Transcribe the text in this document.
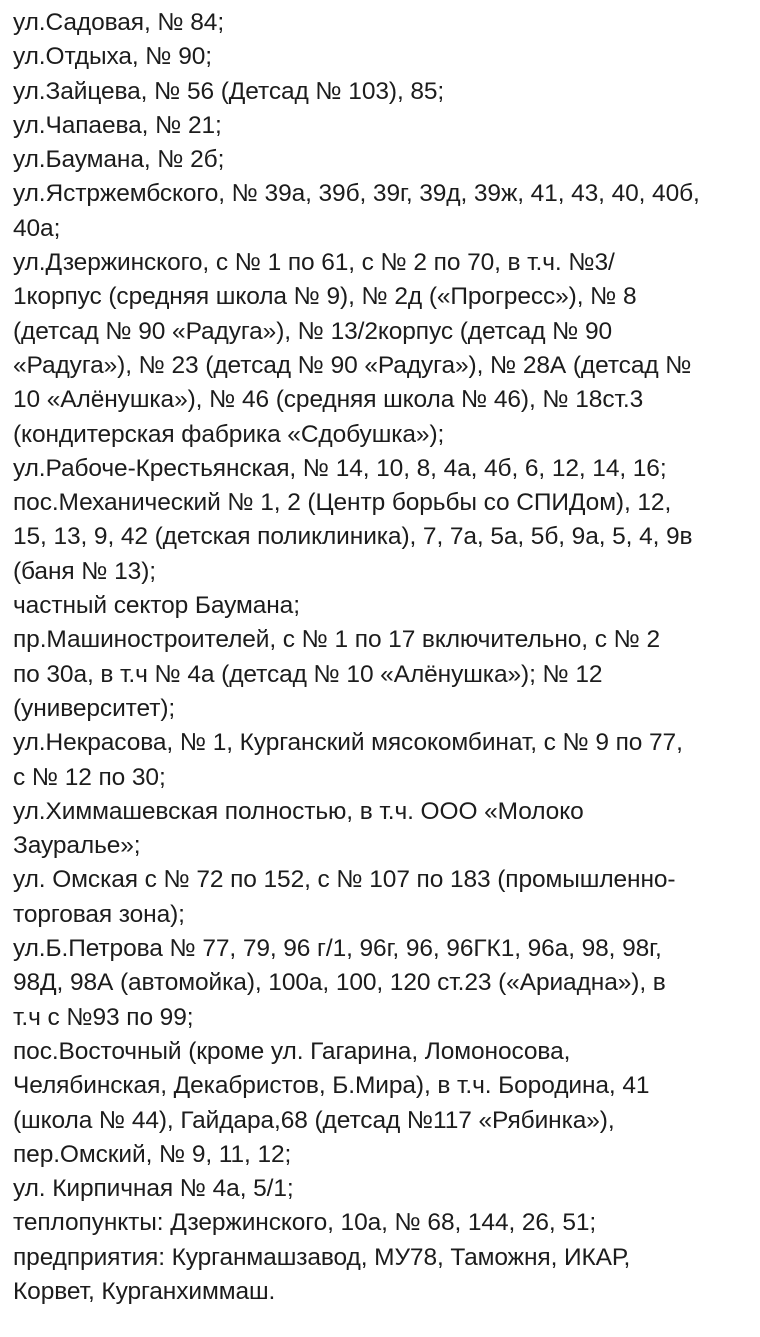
ул.Садовая, № 84;
ул.Отдыха, № 90;
ул.Зайцева, № 56 (Детсад № 103), 85;
ул.Чапаева, № 21;
ул.Баумана, № 2б;
ул.Ястржембского, № 39а, 39б, 39г, 39д, 39ж, 41, 43, 40, 40б,
40а;
ул.Дзержинского, с № 1 по 61, с № 2 по 70, в т.ч. №3/
1корпус (средняя школа № 9), № 2д («Прогресс»), № 8
(детсад № 90 «Радуга»), № 13/2корпус (детсад № 90
«Радуга»), № 23 (детсад № 90 «Радуга»), № 28А (детсад №
10 «Алёнушка»), № 46 (средняя школа № 46), № 18ст.3
(кондитерская фабрика «Сдобушка»);
ул.Рабоче-Крестьянская, № 14, 10, 8, 4а, 4б, 6, 12, 14, 16;
пос.Механический № 1, 2 (Центр борьбы со СПИДом), 12,
15, 13, 9, 42 (детская поликлиника), 7, 7а, 5а, 5б, 9а, 5, 4, 9в
(баня № 13);
частный сектор Баумана;
пр.Машиностроителей, с № 1 по 17 включительно, с № 2
по 30а, в т.ч № 4а (детсад № 10 «Алёнушка»); № 12
(университет);
ул.Некрасова, № 1, Курганский мясокомбинат, с № 9 по 77,
с № 12 по 30;
ул.Химмашевская полностью, в т.ч. ООО «Молоко
Зауралье»;
ул. Омская с № 72 по 152, с № 107 по 183 (промышленно-
торговая зона);
ул.Б.Петрова № 77, 79, 96 г/1, 96г, 96, 96ГК1, 96а, 98, 98г,
98Д, 98А (автомойка), 100а, 100, 120 ст.23 («Ариадна»), в
т.ч с №93 по 99;
пос.Восточный (кроме ул. Гагарина, Ломоносова,
Челябинская, Декабристов, Б.Мира), в т.ч. Бородина, 41
(школа № 44), Гайдара,68 (детсад №117 «Рябинка»),
пер.Омский, № 9, 11, 12;
ул. Кирпичная № 4а, 5/1;
теплопункты: Дзержинского, 10а, № 68, 144, 26, 51;
предприятия: Курганмашзавод, МУ78, Таможня, ИКАР,
Корвет, Курганхиммаш.
